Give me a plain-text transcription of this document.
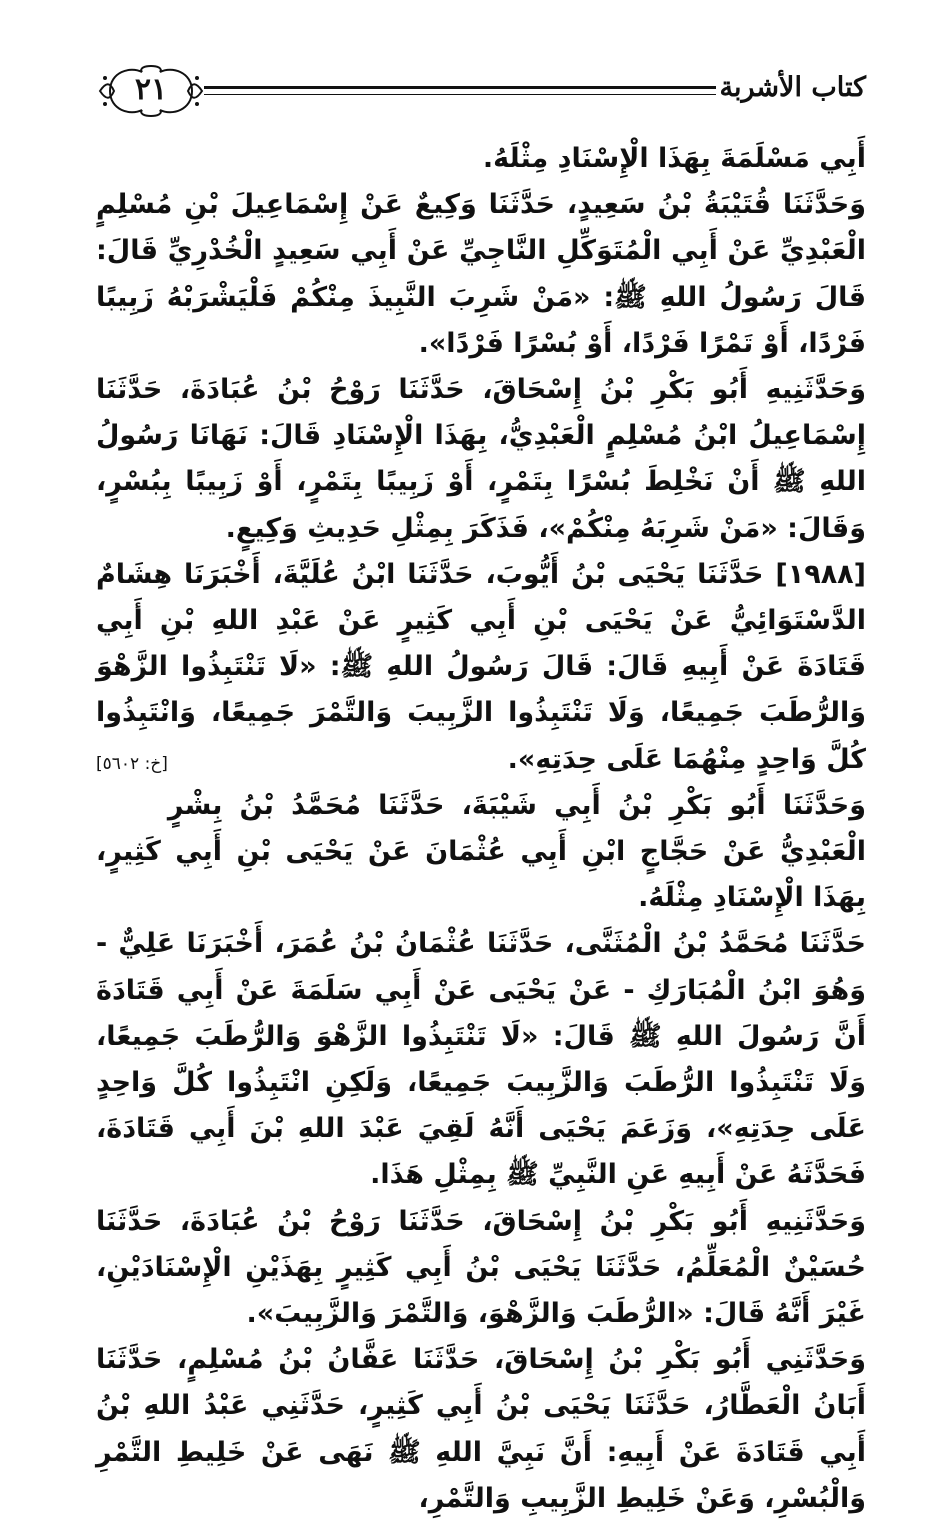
٢١	كتاب الأشربة

أَبِي مَسْلَمَةَ بِهَذَا الْإِسْنَادِ مِثْلَهُ.

وَحَدَّثَنَا قُتَيْبَةُ بْنُ سَعِيدٍ، حَدَّثَنَا وَكِيعٌ عَنْ إِسْمَاعِيلَ بْنِ مُسْلِمٍ الْعَبْدِيِّ عَنْ أَبِي الْمُتَوَكِّلِ النَّاجِيِّ عَنْ أَبِي سَعِيدٍ الْخُدْرِيِّ قَالَ: قَالَ رَسُولُ اللهِ ﷺ: «مَنْ شَرِبَ النَّبِيذَ مِنْكُمْ فَلْيَشْرَبْهُ زَبِيبًا فَرْدًا، أَوْ تَمْرًا فَرْدًا، أَوْ بُسْرًا فَرْدًا».

وَحَدَّثَنِيهِ أَبُو بَكْرِ بْنُ إِسْحَاقَ، حَدَّثَنَا رَوْحُ بْنُ عُبَادَةَ، حَدَّثَنَا إِسْمَاعِيلُ ابْنُ مُسْلِمٍ الْعَبْدِيُّ، بِهَذَا الْإِسْنَادِ قَالَ: نَهَانَا رَسُولُ اللهِ ﷺ أَنْ نَخْلِطَ بُسْرًا بِتَمْرٍ، أَوْ زَبِيبًا بِتَمْرٍ، أَوْ زَبِيبًا بِبُسْرٍ، وَقَالَ: «مَنْ شَرِبَهُ مِنْكُمْ»، فَذَكَرَ بِمِثْلِ حَدِيثِ وَكِيعٍ.

[١٩٨٨] حَدَّثَنَا يَحْيَى بْنُ أَيُّوبَ، حَدَّثَنَا ابْنُ عُلَيَّةَ، أَخْبَرَنَا هِشَامٌ الدَّسْتَوَائِيُّ عَنْ يَحْيَى بْنِ أَبِي كَثِيرٍ عَنْ عَبْدِ اللهِ بْنِ أَبِي قَتَادَةَ عَنْ أَبِيهِ قَالَ: قَالَ رَسُولُ اللهِ ﷺ: «لَا تَنْتَبِذُوا الزَّهْوَ وَالرُّطَبَ جَمِيعًا، وَلَا تَنْتَبِذُوا الزَّبِيبَ وَالتَّمْرَ جَمِيعًا، وَانْتَبِذُوا كُلَّ وَاحِدٍ مِنْهُمَا عَلَى حِدَتِهِ».
[خ: ٥٦٠٢]

وَحَدَّثَنَا أَبُو بَكْرِ بْنُ أَبِي شَيْبَةَ، حَدَّثَنَا مُحَمَّدُ بْنُ بِشْرٍ الْعَبْدِيُّ عَنْ حَجَّاجٍ ابْنِ أَبِي عُثْمَانَ عَنْ يَحْيَى بْنِ أَبِي كَثِيرٍ، بِهَذَا الْإِسْنَادِ مِثْلَهُ.

حَدَّثَنَا مُحَمَّدُ بْنُ الْمُثَنَّى، حَدَّثَنَا عُثْمَانُ بْنُ عُمَرَ، أَخْبَرَنَا عَلِيٌّ - وَهُوَ ابْنُ الْمُبَارَكِ - عَنْ يَحْيَى عَنْ أَبِي سَلَمَةَ عَنْ أَبِي قَتَادَةَ أَنَّ رَسُولَ اللهِ ﷺ قَالَ: «لَا تَنْتَبِذُوا الزَّهْوَ وَالرُّطَبَ جَمِيعًا، وَلَا تَنْتَبِذُوا الرُّطَبَ وَالزَّبِيبَ جَمِيعًا، وَلَكِنِ انْتَبِذُوا كُلَّ وَاحِدٍ عَلَى حِدَتِهِ»، وَزَعَمَ يَحْيَى أَنَّهُ لَقِيَ عَبْدَ اللهِ بْنَ أَبِي قَتَادَةَ، فَحَدَّثَهُ عَنْ أَبِيهِ عَنِ النَّبِيِّ ﷺ بِمِثْلِ هَذَا.

وَحَدَّثَنِيهِ أَبُو بَكْرِ بْنُ إِسْحَاقَ، حَدَّثَنَا رَوْحُ بْنُ عُبَادَةَ، حَدَّثَنَا حُسَيْنٌ الْمُعَلِّمُ، حَدَّثَنَا يَحْيَى بْنُ أَبِي كَثِيرٍ بِهَذَيْنِ الْإِسْنَادَيْنِ، غَيْرَ أَنَّهُ قَالَ: «الرُّطَبَ وَالزَّهْوَ، وَالتَّمْرَ وَالزَّبِيبَ».

وَحَدَّثَنِي أَبُو بَكْرِ بْنُ إِسْحَاقَ، حَدَّثَنَا عَفَّانُ بْنُ مُسْلِمٍ، حَدَّثَنَا أَبَانُ الْعَطَّارُ، حَدَّثَنَا يَحْيَى بْنُ أَبِي كَثِيرٍ، حَدَّثَنِي عَبْدُ اللهِ بْنُ أَبِي قَتَادَةَ عَنْ أَبِيهِ: أَنَّ نَبِيَّ اللهِ ﷺ نَهَى عَنْ خَلِيطِ التَّمْرِ وَالْبُسْرِ، وَعَنْ خَلِيطِ الزَّبِيبِ وَالتَّمْرِ،
